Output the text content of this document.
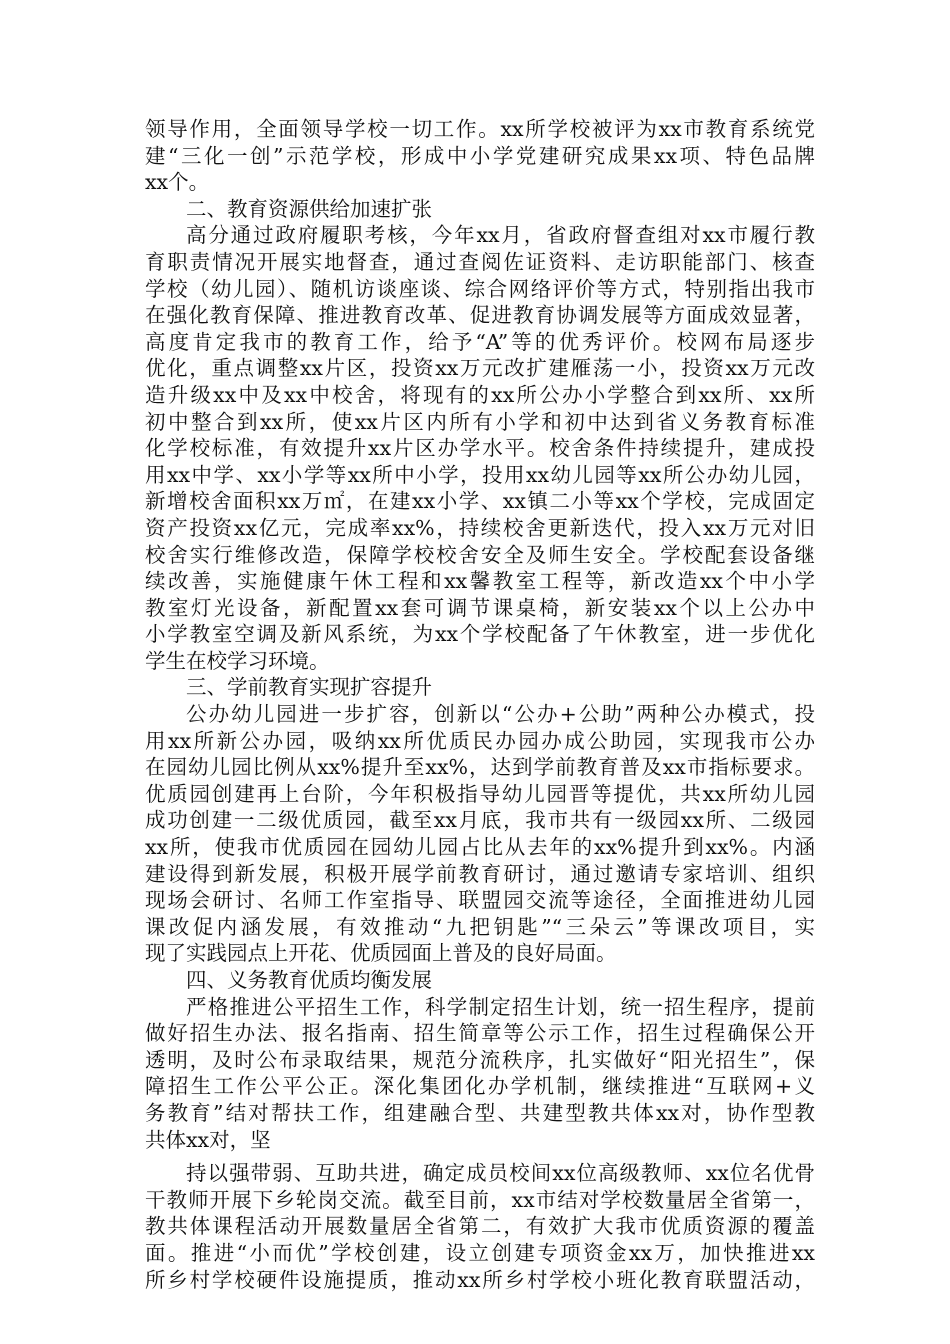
领导作用，全面领导学校一切工作。xx所学校被评为xx市教育系统党
建“三化一创”示范学校，形成中小学党建研究成果xx项、特色品牌
xx个。
二、教育资源供给加速扩张
高分通过政府履职考核，今年xx月，省政府督查组对xx市履行教
育职责情况开展实地督查，通过查阅佐证资料、走访职能部门、核查
学校（幼儿园）、随机访谈座谈、综合网络评价等方式，特别指出我市
在强化教育保障、推进教育改革、促进教育协调发展等方面成效显著，
高度肯定我市的教育工作，给予“A”等的优秀评价。校网布局逐步
优化，重点调整xx片区，投资xx万元改扩建雁荡一小，投资xx万元改
造升级xx中及xx中校舍，将现有的xx所公办小学整合到xx所、xx所
初中整合到xx所，使xx片区内所有小学和初中达到省义务教育标准
化学校标准，有效提升xx片区办学水平。校舍条件持续提升，建成投
用xx中学、xx小学等xx所中小学，投用xx幼儿园等xx所公办幼儿园，
新增校舍面积xx万㎡，在建xx小学、xx镇二小等xx个学校，完成固定
资产投资xx亿元，完成率xx%，持续校舍更新迭代，投入xx万元对旧
校舍实行维修改造，保障学校校舍安全及师生安全。学校配套设备继
续改善，实施健康午休工程和xx馨教室工程等，新改造xx个中小学
教室灯光设备，新配置xx套可调节课桌椅，新安装xx个以上公办中
小学教室空调及新风系统，为xx个学校配备了午休教室，进一步优化
学生在校学习环境。
三、学前教育实现扩容提升
公办幼儿园进一步扩容，创新以“公办+公助”两种公办模式，投
用xx所新公办园，吸纳xx所优质民办园办成公助园，实现我市公办
在园幼儿园比例从xx%提升至xx%，达到学前教育普及xx市指标要求。
优质园创建再上台阶，今年积极指导幼儿园晋等提优，共xx所幼儿园
成功创建一二级优质园，截至xx月底，我市共有一级园xx所、二级园
xx所，使我市优质园在园幼儿园占比从去年的xx%提升到xx%。内涵
建设得到新发展，积极开展学前教育研讨，通过邀请专家培训、组织
现场会研讨、名师工作室指导、联盟园交流等途径，全面推进幼儿园
课改促内涵发展，有效推动“九把钥匙”“三朵云”等课改项目，实
现了实践园点上开花、优质园面上普及的良好局面。
四、义务教育优质均衡发展
严格推进公平招生工作，科学制定招生计划，统一招生程序，提前
做好招生办法、报名指南、招生简章等公示工作，招生过程确保公开
透明，及时公布录取结果，规范分流秩序，扎实做好“阳光招生”，保
障招生工作公平公正。深化集团化办学机制，继续推进“互联网+义
务教育”结对帮扶工作，组建融合型、共建型教共体xx对，协作型教
共体xx对，坚
持以强带弱、互助共进，确定成员校间xx位高级教师、xx位名优骨
干教师开展下乡轮岗交流。截至目前，xx市结对学校数量居全省第一，
教共体课程活动开展数量居全省第二，有效扩大我市优质资源的覆盖
面。推进“小而优”学校创建，设立创建专项资金xx万，加快推进xx
所乡村学校硬件设施提质，推动xx所乡村学校小班化教育联盟活动，
